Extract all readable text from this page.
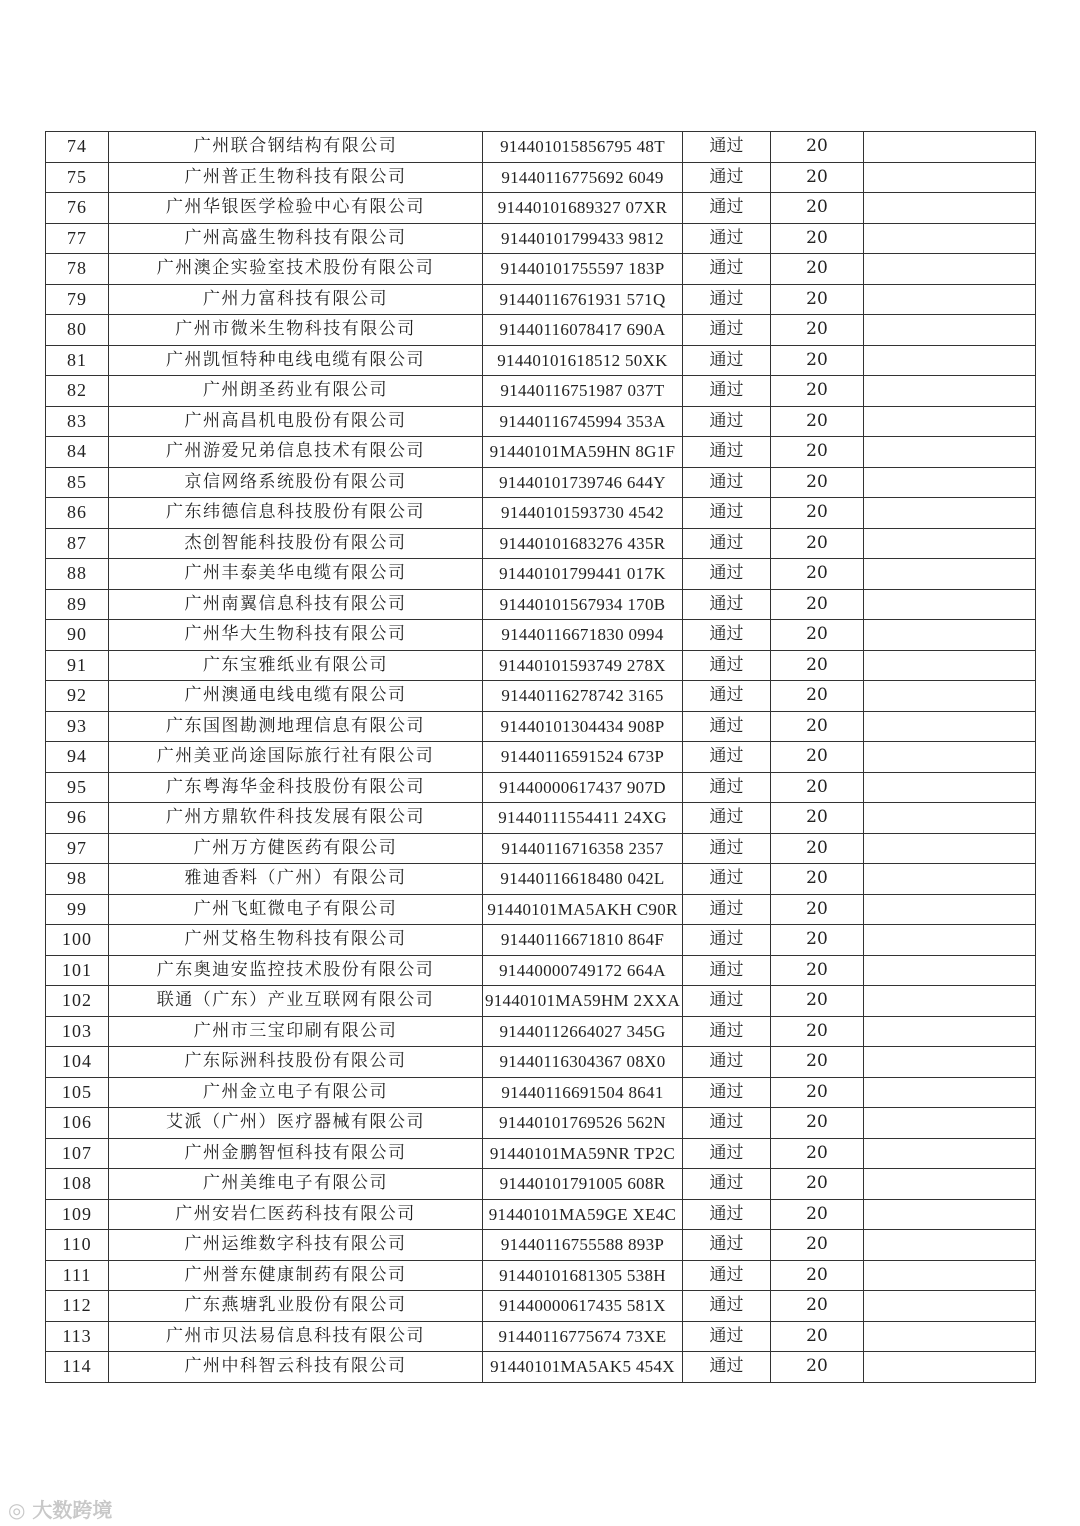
74	广州联合钢结构有限公司	914401015856795 48T	通过	20	
75	广州普正生物科技有限公司	91440116775692 6049	通过	20	
76	广州华银医学检验中心有限公司	91440101689327 07XR	通过	20	
77	广州高盛生物科技有限公司	91440101799433 9812	通过	20	
78	广州澳企实验室技术股份有限公司	91440101755597 183P	通过	20	
79	广州力富科技有限公司	91440116761931 571Q	通过	20	
80	广州市微米生物科技有限公司	91440116078417 690A	通过	20	
81	广州凯恒特种电线电缆有限公司	91440101618512 50XK	通过	20	
82	广州朗圣药业有限公司	91440116751987 037T	通过	20	
83	广州高昌机电股份有限公司	91440116745994 353A	通过	20	
84	广州游爱兄弟信息技术有限公司	91440101MA59HN 8G1F	通过	20	
85	京信网络系统股份有限公司	91440101739746 644Y	通过	20	
86	广东纬德信息科技股份有限公司	91440101593730 4542	通过	20	
87	杰创智能科技股份有限公司	91440101683276 435R	通过	20	
88	广州丰泰美华电缆有限公司	91440101799441 017K	通过	20	
89	广州南翼信息科技有限公司	91440101567934 170B	通过	20	
90	广州华大生物科技有限公司	91440116671830 0994	通过	20	
91	广东宝雅纸业有限公司	91440101593749 278X	通过	20	
92	广州澳通电线电缆有限公司	91440116278742 3165	通过	20	
93	广东国图勘测地理信息有限公司	91440101304434 908P	通过	20	
94	广州美亚尚途国际旅行社有限公司	91440116591524 673P	通过	20	
95	广东粤海华金科技股份有限公司	91440000617437 907D	通过	20	
96	广州方鼎软件科技发展有限公司	91440111554411 24XG	通过	20	
97	广州万方健医药有限公司	91440116716358 2357	通过	20	
98	雅迪香料（广州）有限公司	91440116618480 042L	通过	20	
99	广州飞虹微电子有限公司	91440101MA5AKH C90R	通过	20	
100	广州艾格生物科技有限公司	91440116671810 864F	通过	20	
101	广东奥迪安监控技术股份有限公司	91440000749172 664A	通过	20	
102	联通（广东）产业互联网有限公司	91440101MA59HM 2XXA	通过	20	
103	广州市三宝印刷有限公司	91440112664027 345G	通过	20	
104	广东际洲科技股份有限公司	91440116304367 08X0	通过	20	
105	广州金立电子有限公司	91440116691504 8641	通过	20	
106	艾派（广州）医疗器械有限公司	91440101769526 562N	通过	20	
107	广州金鹏智恒科技有限公司	91440101MA59NR TP2C	通过	20	
108	广州美维电子有限公司	91440101791005 608R	通过	20	
109	广州安岩仁医药科技有限公司	91440101MA59GE XE4C	通过	20	
110	广州运维数字科技有限公司	91440116755588 893P	通过	20	
111	广州誉东健康制药有限公司	91440101681305 538H	通过	20	
112	广东燕塘乳业股份有限公司	91440000617435 581X	通过	20	
113	广州市贝法易信息科技有限公司	91440116775674 73XE	通过	20	
114	广州中科智云科技有限公司	91440101MA5AK5 454X	通过	20	
◎ 大数跨境
